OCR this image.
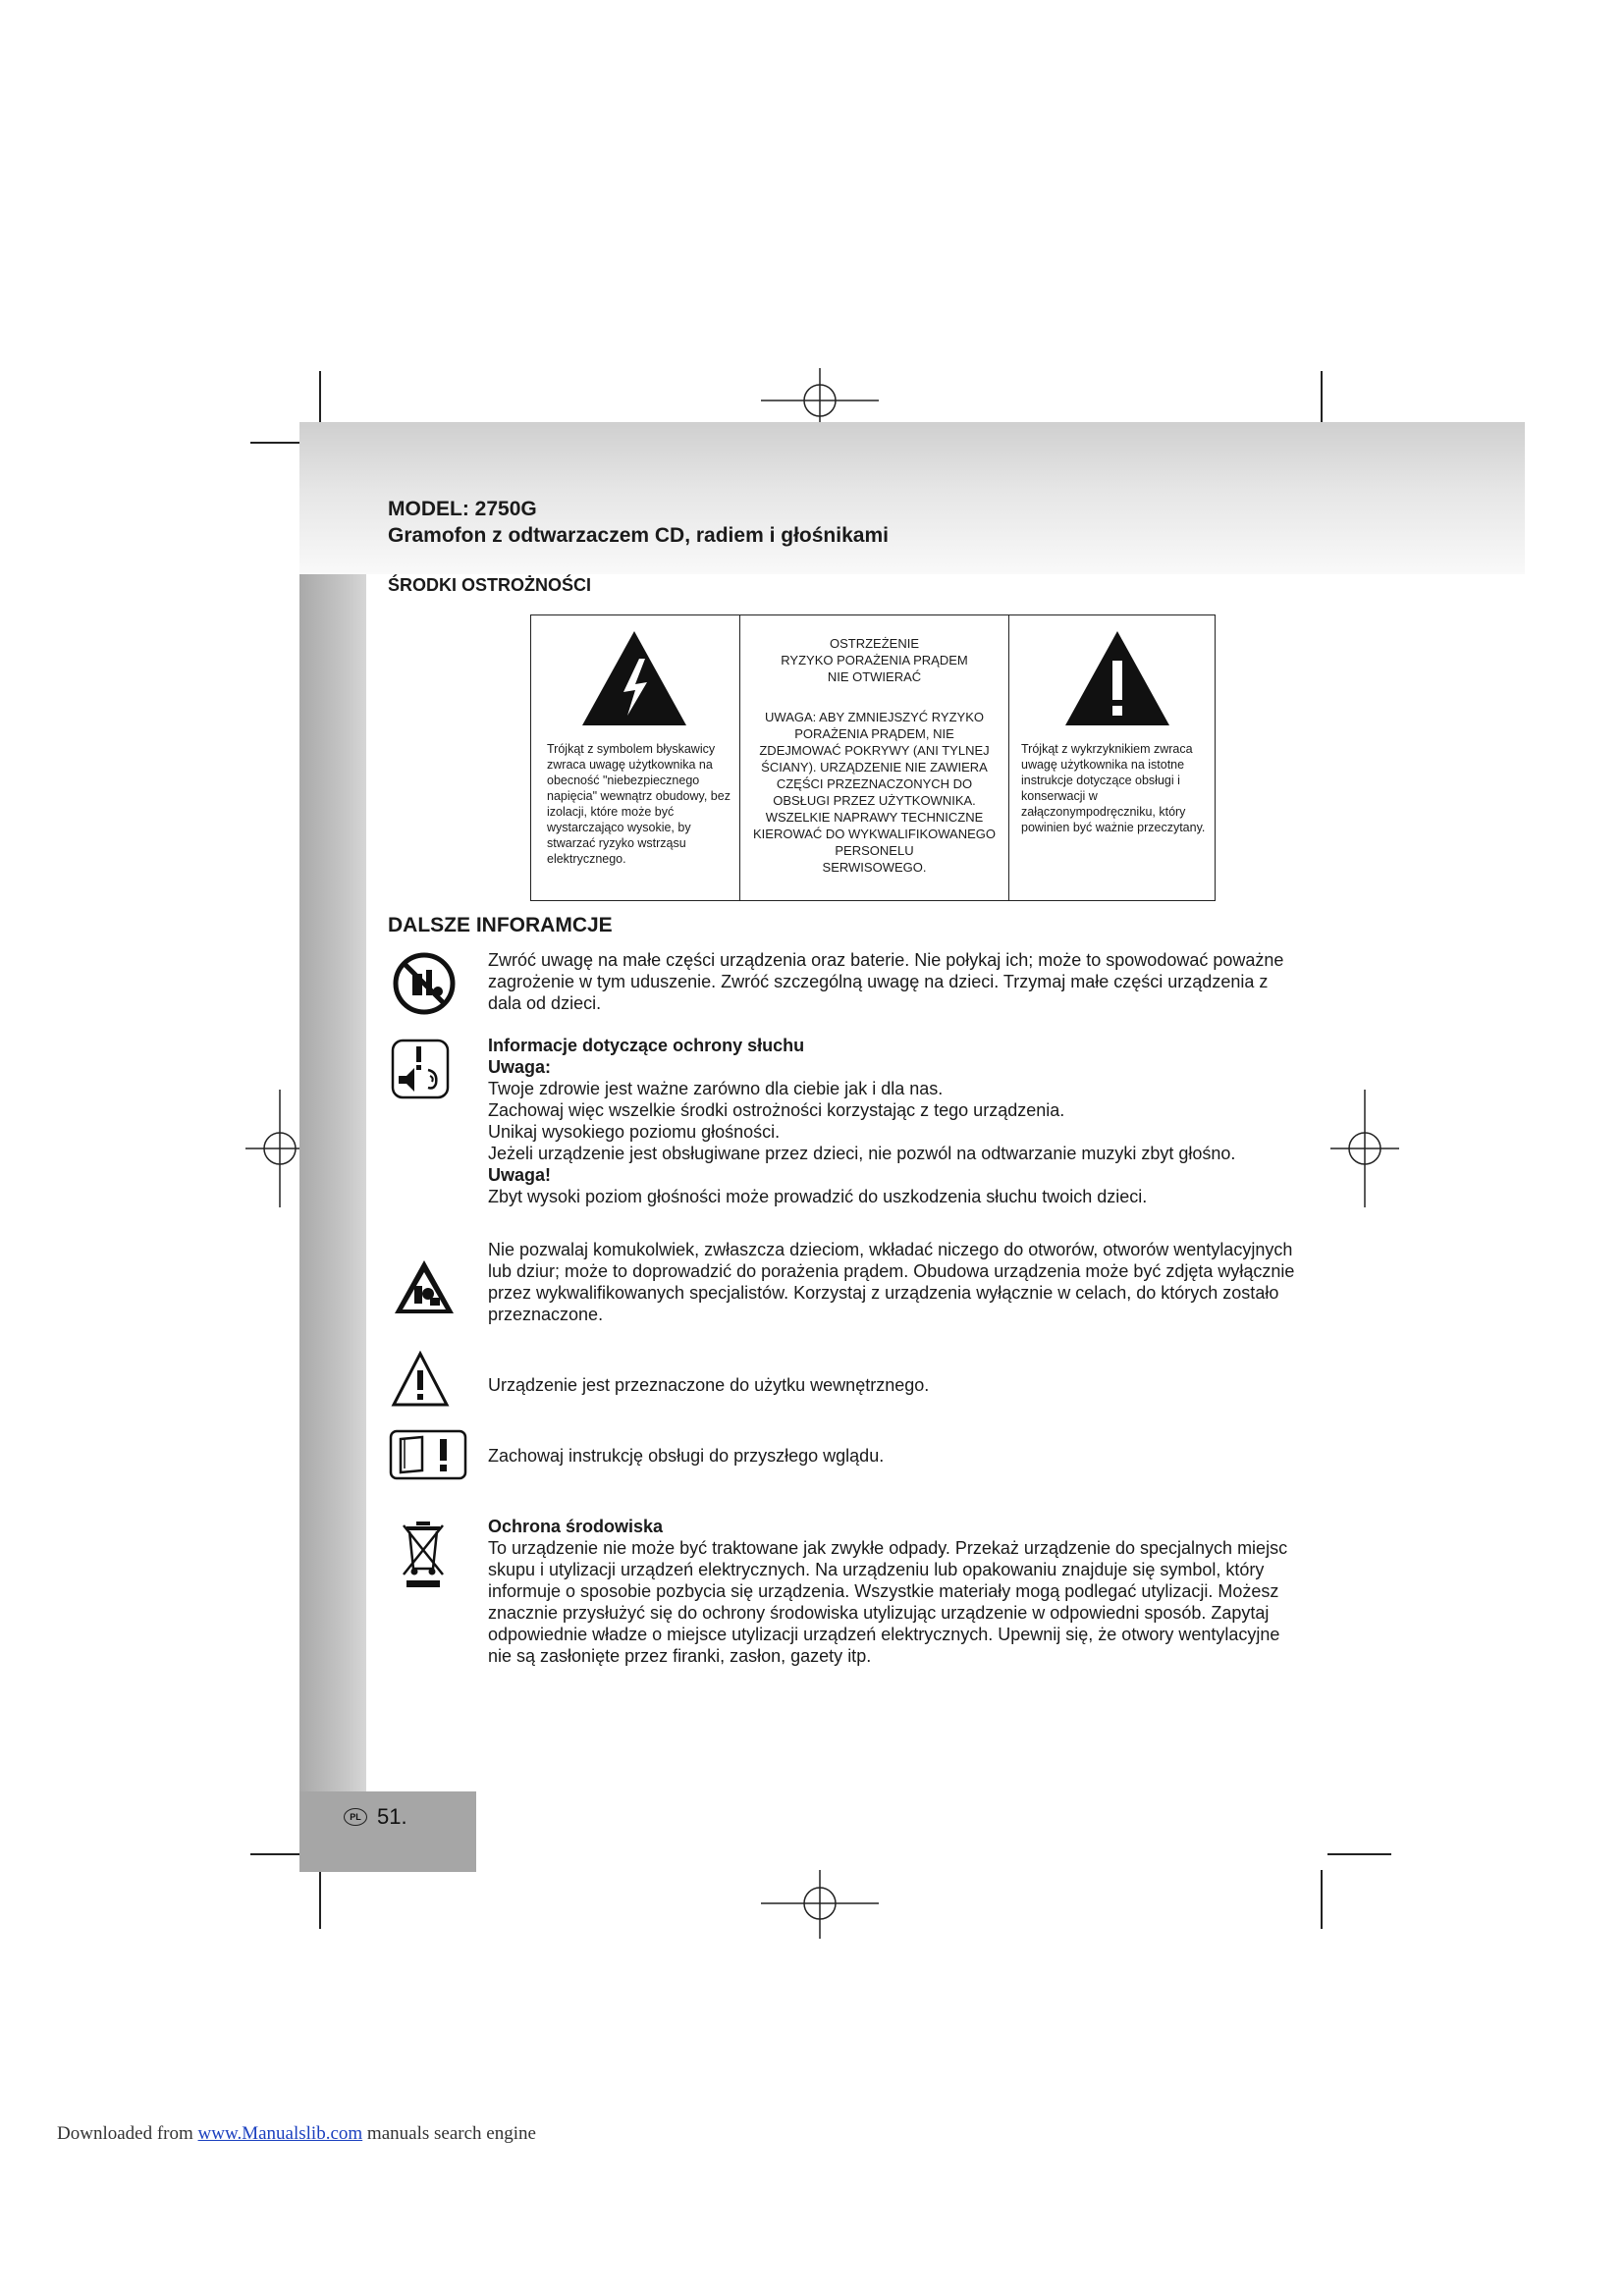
PL 51.
MODEL: 2750G
Gramofon z odtwarzaczem CD, radiem i głośnikami
ŚRODKI OSTROŻNOŚCI
Trójkąt z symbolem błyskawicy zwraca uwagę użytkownika na obecność "niebezpiecznego napięcia" wewnątrz obudowy, bez izolacji, które może być wystarczająco wysokie, by stwarzać ryzyko wstrząsu elektrycznego.
OSTRZEŻENIE
RYZYKO PORAŻENIA PRĄDEM
NIE OTWIERAĆ
UWAGA: ABY ZMNIEJSZYĆ RYZYKO
PORAŻENIA PRĄDEM, NIE
ZDEJMOWAĆ POKRYWY (ANI TYLNEJ
ŚCIANY). URZĄDZENIE NIE ZAWIERA
CZĘŚCI PRZEZNACZONYCH DO
OBSŁUGI PRZEZ UŻYTKOWNIKA.
WSZELKIE NAPRAWY TECHNICZNE
KIEROWAĆ DO WYKWALIFIKOWANEGO
PERSONELU
SERWISOWEGO.
Trójkąt z wykrzyknikiem zwraca uwagę użytkownika na istotne instrukcje dotyczące obsługi i konserwacji w załączonympodręczniku, który powinien być ważnie przeczytany.
DALSZE INFORAMCJE

Zwróć uwagę na małe części urządzenia oraz baterie. Nie połykaj ich; może to spowodować poważne zagrożenie w tym uduszenie. Zwróć szczególną uwagę na dzieci. Trzymaj małe części urządzenia z dala od dzieci.

Informacje dotyczące ochrony słuchu

Uwaga:

Twoje zdrowie jest ważne zarówno dla ciebie jak i dla nas.

Zachowaj więc wszelkie środki ostrożności korzystając z tego urządzenia.

Unikaj wysokiego poziomu głośności.

Jeżeli urządzenie jest obsługiwane przez dzieci, nie pozwól na odtwarzanie muzyki zbyt głośno.

Uwaga!

Zbyt wysoki poziom głośności może prowadzić do uszkodzenia słuchu twoich dzieci.

Nie pozwalaj komukolwiek, zwłaszcza dzieciom, wkładać niczego do otworów, otworów wentylacyjnych lub dziur; może to doprowadzić do porażenia prądem. Obudowa urządzenia może być zdjęta wyłącznie przez wykwalifikowanych specjalistów. Korzystaj z urządzenia wyłącznie w celach, do których zostało przeznaczone.

Urządzenie jest przeznaczone do użytku wewnętrznego.

Zachowaj instrukcję obsługi do przyszłego wglądu.

Ochrona środowiska

To urządzenie nie może być traktowane jak zwykłe odpady. Przekaż urządzenie do specjalnych miejsc skupu i utylizacji urządzeń elektrycznych. Na urządzeniu lub opakowaniu znajduje się symbol, który informuje o sposobie pozbycia się urządzenia. Wszystkie materiały mogą podlegać utylizacji. Możesz znacznie przysłużyć się do ochrony środowiska utylizując urządzenie w odpowiedni sposób. Zapytaj odpowiednie władze o miejsce utylizacji urządzeń elektrycznych. Upewnij się, że otwory wentylacyjne nie są zasłonięte przez firanki, zasłon, gazety itp.

Downloaded from www.Manualslib.com manuals search engine
